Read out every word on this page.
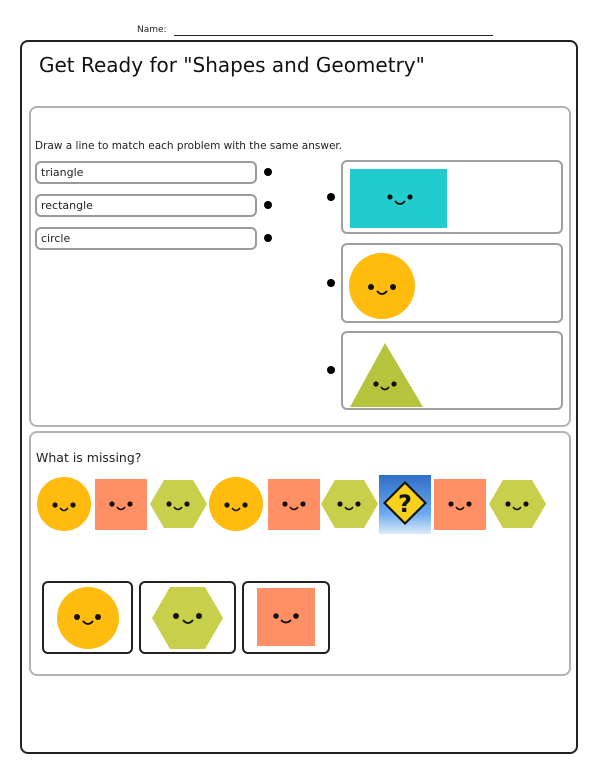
Name:
Get Ready for "Shapes and Geometry"
Draw a line to match each problem with the same answer.
triangle
rectangle
circle
What is missing?
?
